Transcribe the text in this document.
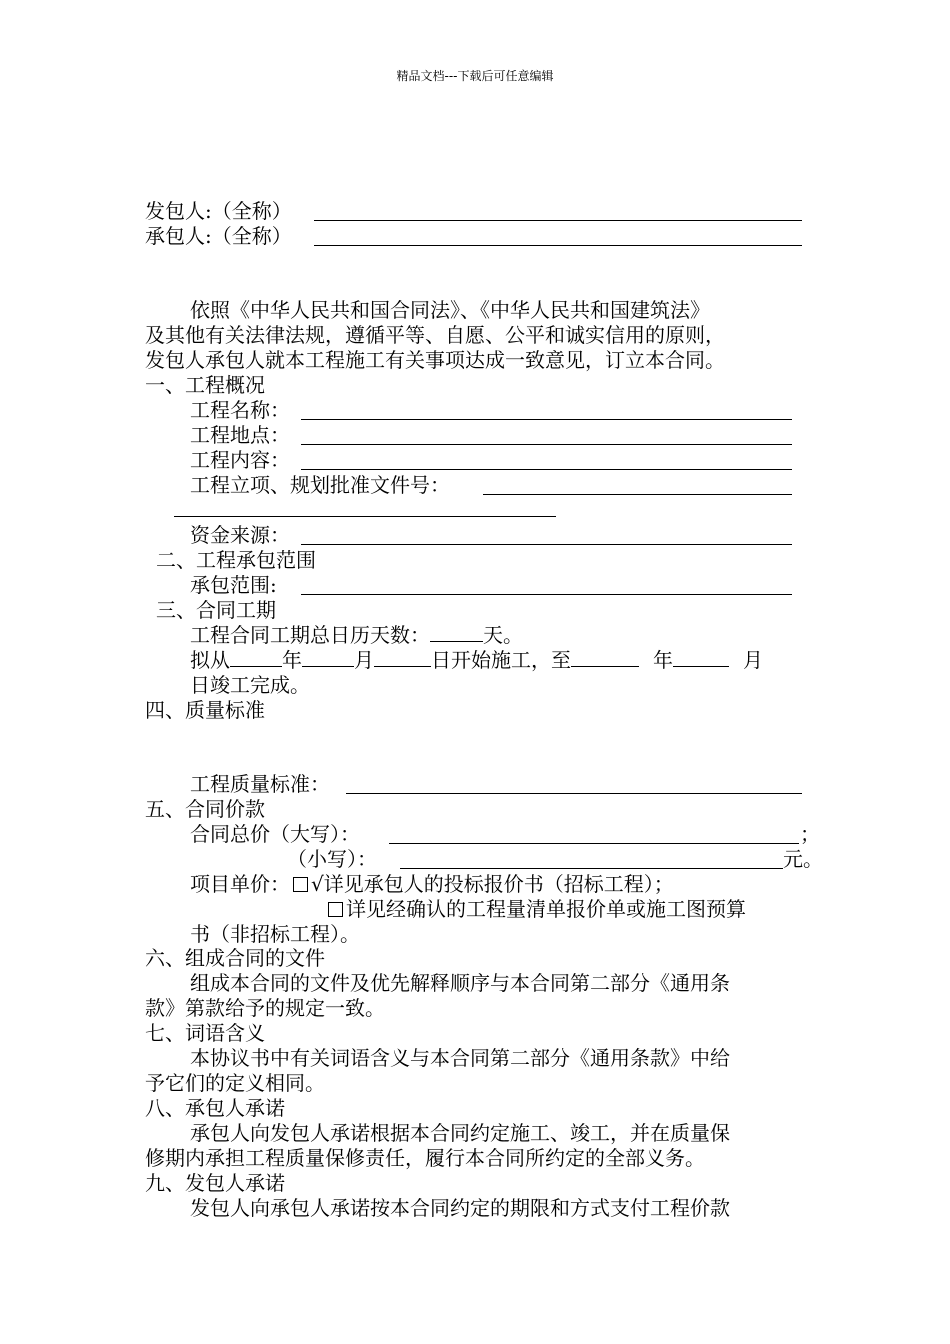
精品文档---下载后可任意编辑
发包人:（全称）
承包人:（全称）
依照《中华人民共和国合同法》、《中华人民共和国建筑法》
及其他有关法律法规，遵循平等、自愿、公平和诚实信用的原则，
发包人承包人就本工程施工有关事项达成一致意见，订立本合同。
一、工程概况
工程名称：
工程地点：
工程内容：
工程立项、规划批准文件号：
资金来源：
二、工程承包范围
承包范围:
三、合同工期
工程合同工期总日历天数：	天。
拟从	年	月	日开始施工，至	年	月
日竣工完成。
四、质量标准
工程质量标准：
五、合同价款
合同总价（大写）：	；
（小写）：	元。
项目单价： √详见承包人的投标报价书（招标工程）；
详见经确认的工程量清单报价单或施工图预算
书（非招标工程）。
六、组成合同的文件
组成本合同的文件及优先解释顺序与本合同第二部分《通用条
款》第款给予的规定一致。
七、词语含义
本协议书中有关词语含义与本合同第二部分《通用条款》中给
予它们的定义相同。
八、承包人承诺
承包人向发包人承诺根据本合同约定施工、竣工，并在质量保
修期内承担工程质量保修责任，履行本合同所约定的全部义务。
九、发包人承诺
发包人向承包人承诺按本合同约定的期限和方式支付工程价款
